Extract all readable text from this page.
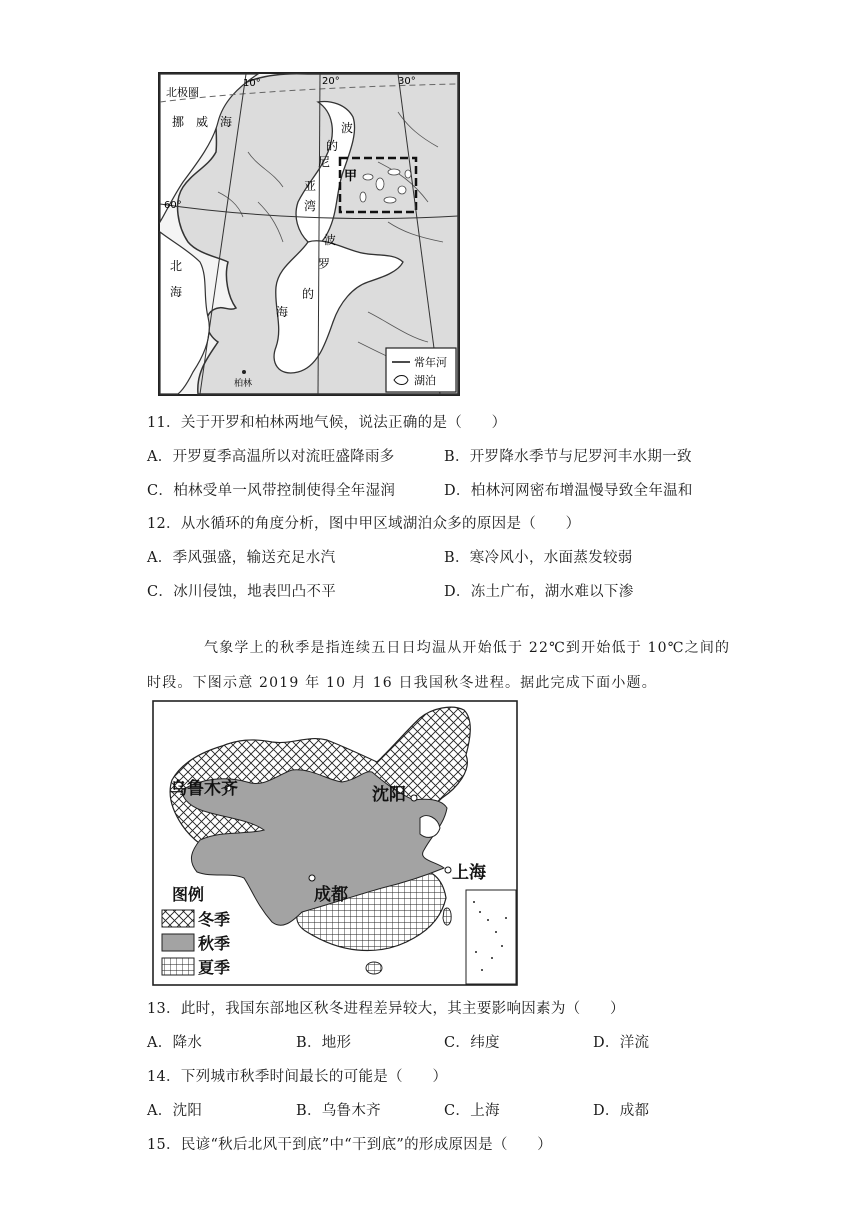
北极圈
10°	20°	30°
60°
挪 威 海	波
的
尼
亚
湾
甲
北
海
波
罗
的
海
柏林
常年河
湖泊
11．关于开罗和柏林两地气候，说法正确的是（　　）
A．开罗夏季高温所以对流旺盛降雨多	B．开罗降水季节与尼罗河丰水期一致
C．柏林受单一风带控制使得全年湿润	D．柏林河网密布增温慢导致全年温和
12．从水循环的角度分析，图中甲区域湖泊众多的原因是（　　）
A．季风强盛，输送充足水汽	B．寒冷风小，水面蒸发较弱
C．冰川侵蚀，地表凹凸不平	D．冻土广布，湖水难以下渗
气象学上的秋季是指连续五日日均温从开始低于 22℃到开始低于 10℃之间的
时段。下图示意 2019 年 10 月 16 日我国秋冬进程。据此完成下面小题。
乌鲁木齐	沈阳
上海
成都
图例
冬季
秋季
夏季
13．此时，我国东部地区秋冬进程差异较大，其主要影响因素为（　　）
A．降水	B．地形	C．纬度	D．洋流
14．下列城市秋季时间最长的可能是（　　）
A．沈阳	B．乌鲁木齐	C．上海	D．成都
15．民谚“秋后北风干到底”中“干到底”的形成原因是（　　）
